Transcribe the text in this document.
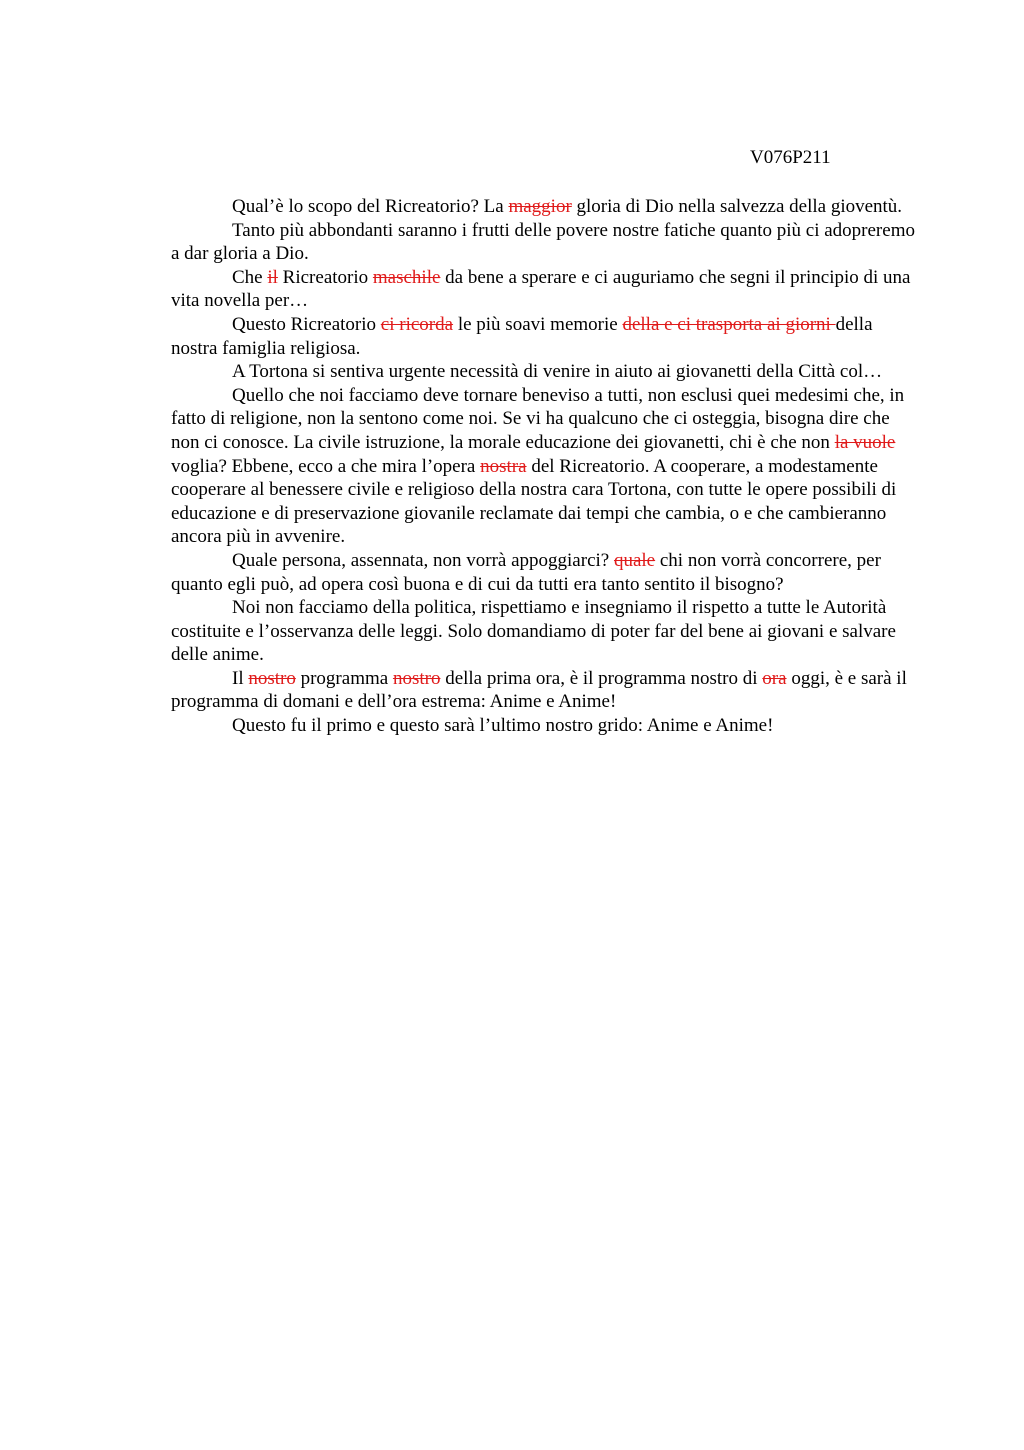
V076P211

Qual’è lo scopo del Ricreatorio? La maggior gloria di Dio nella salvezza della gioventù.

Tanto più abbondanti saranno i frutti delle povere nostre fatiche quanto più ci adopreremo a dar gloria a Dio.

Che il Ricreatorio maschile da bene a sperare e ci auguriamo che segni il principio di una vita novella per…

Questo Ricreatorio ci ricorda le più soavi memorie della e ci trasporta ai giorni della nostra famiglia religiosa.

A Tortona si sentiva urgente necessità di venire in aiuto ai giovanetti della Città col…

Quello che noi facciamo deve tornare beneviso a tutti, non esclusi quei medesimi che, in fatto di religione, non la sentono come noi. Se vi ha qualcuno che ci osteggia, bisogna dire che non ci conosce. La civile istruzione, la morale educazione dei giovanetti, chi è che non la vuole voglia? Ebbene, ecco a che mira l’opera nostra del Ricreatorio. A cooperare, a modestamente cooperare al benessere civile e religioso della nostra cara Tortona, con tutte le opere possibili di educazione e di preservazione giovanile reclamate dai tempi che cambia, o e che cambieranno ancora più in avvenire.

Quale persona, assennata, non vorrà appoggiarci? quale chi non vorrà concorrere, per quanto egli può, ad opera così buona e di cui da tutti era tanto sentito il bisogno?

Noi non facciamo della politica, rispettiamo e insegniamo il rispetto a tutte le Autorità costituite e l’osservanza delle leggi. Solo domandiamo di poter far del bene ai giovani e salvare delle anime.

Il nostro programma nostro della prima ora, è il programma nostro di ora oggi, è e sarà il programma di domani e dell’ora estrema: Anime e Anime!

Questo fu il primo e questo sarà l’ultimo nostro grido: Anime e Anime!
